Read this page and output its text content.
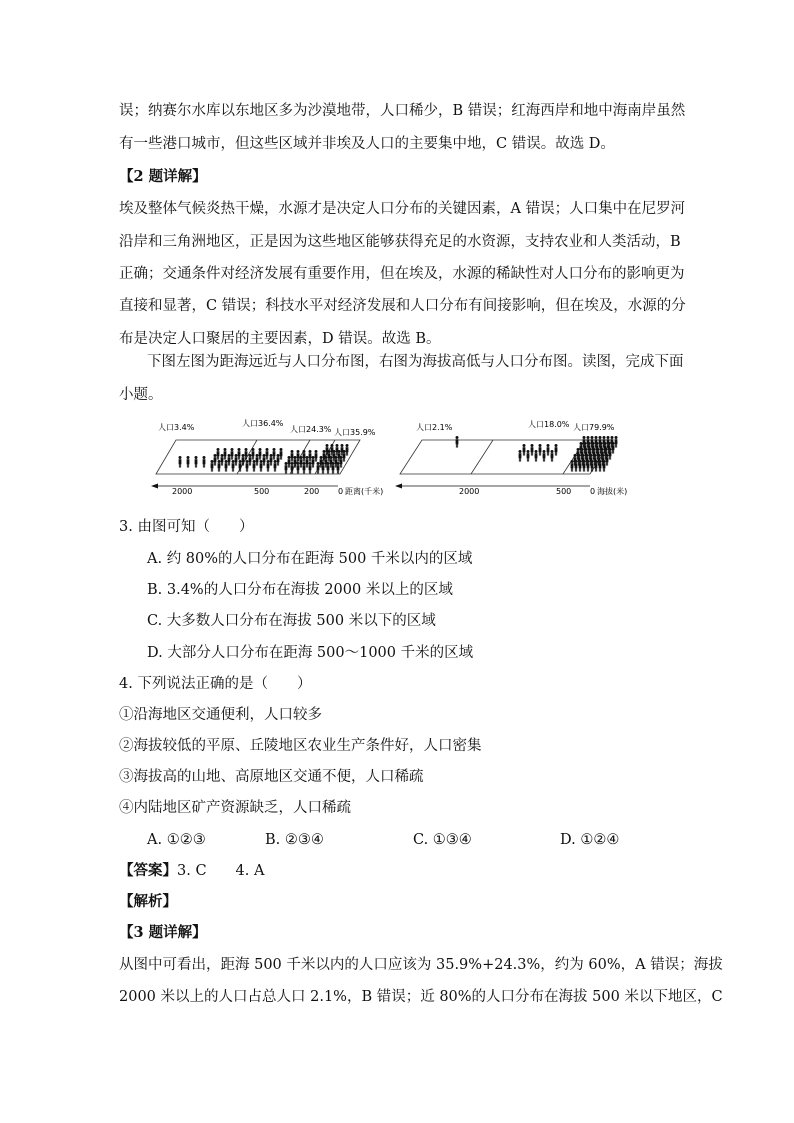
误；纳赛尔水库以东地区多为沙漠地带，人口稀少，B 错误；红海西岸和地中海南岸虽然
有一些港口城市，但这些区域并非埃及人口的主要集中地，C 错误。故选 D。
【2 题详解】
埃及整体气候炎热干燥，水源才是决定人口分布的关键因素，A 错误；人口集中在尼罗河
沿岸和三角洲地区，正是因为这些地区能够获得充足的水资源，支持农业和人类活动，B
正确；交通条件对经济发展有重要作用，但在埃及，水源的稀缺性对人口分布的影响更为
直接和显著，C 错误；科技水平对经济发展和人口分布有间接影响，但在埃及，水源的分
布是决定人口聚居的主要因素，D 错误。故选 B。
下图左图为距海远近与人口分布图，右图为海拔高低与人口分布图。读图，完成下面
小题。
人口3.4%	人口36.4%
人口24.3% 人口35.9%
2000	500	200 0 距离(千米)
人口2.1%	人口18.0% 人口79.9%
2000	500 0 海拔(米)
3. 由图可知（　　）
A. 约 80%的人口分布在距海 500 千米以内的区域
B. 3.4%的人口分布在海拔 2000 米以上的区域
C. 大多数人口分布在海拔 500 米以下的区域
D. 大部分人口分布在距海 500～1000 千米的区域
4. 下列说法正确的是（　　）
①沿海地区交通便利，人口较多
②海拔较低的平原、丘陵地区农业生产条件好，人口密集
③海拔高的山地、高原地区交通不便，人口稀疏
④内陆地区矿产资源缺乏，人口稀疏
A. ①②③	B. ②③④	C. ①③④	D. ①②④
【答案】3. C　　4. A
【解析】
【3 题详解】
从图中可看出，距海 500 千米以内的人口应该为 35.9%+24.3%，约为 60%，A 错误；海拔
2000 米以上的人口占总人口 2.1%，B 错误；近 80%的人口分布在海拔 500 米以下地区，C
